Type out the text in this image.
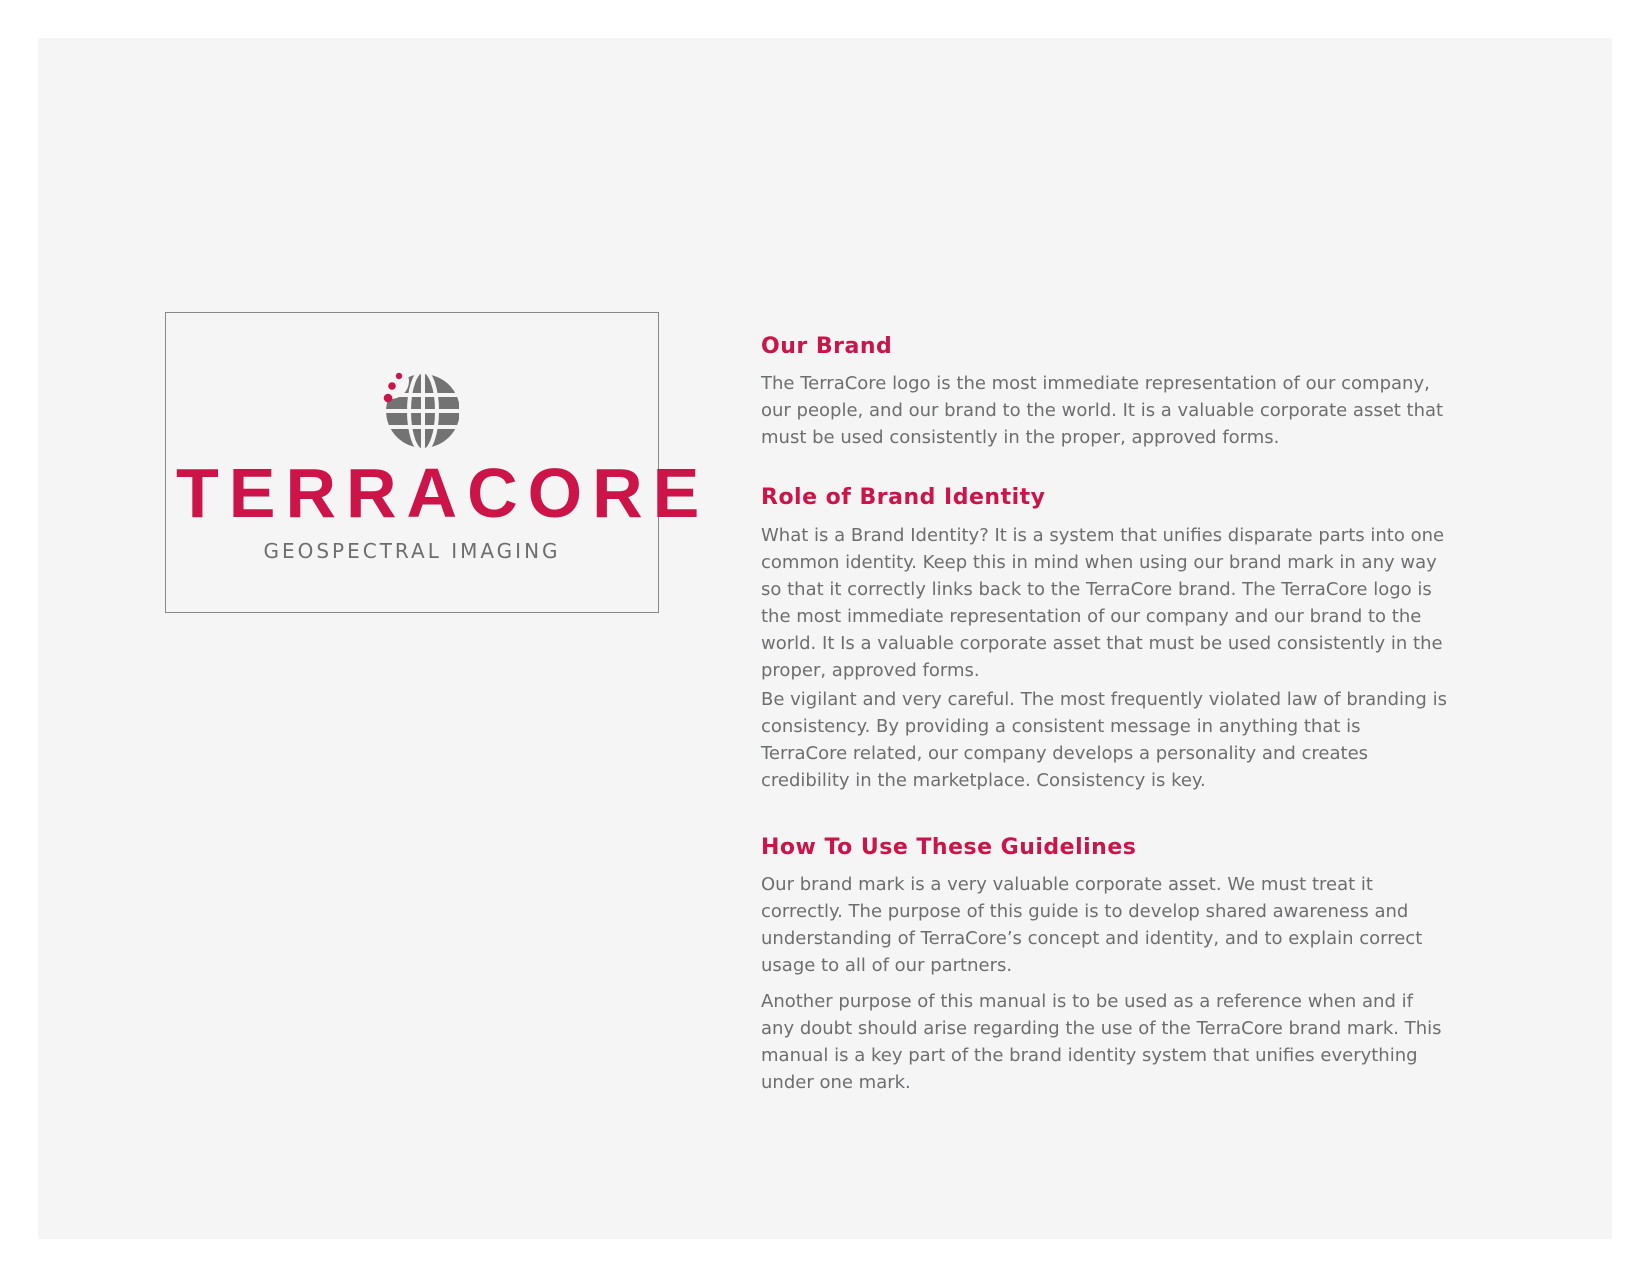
TERRACORE
GEOSPECTRAL IMAGING
Our Brand

The TerraCore logo is the most immediate representation of our company, our people, and our brand to the world. It is a valuable corporate asset that must be used consistently in the proper, approved forms.

Role of Brand Identity

What is a Brand Identity? It is a system that unifies disparate parts into one common identity. Keep this in mind when using our brand mark in any way so that it correctly links back to the TerraCore brand. The TerraCore logo is the most immediate representation of our company and our brand to the world. It Is a valuable corporate asset that must be used consistently in the proper, approved forms.

Be vigilant and very careful. The most frequently violated law of branding is consistency. By providing a consistent message in anything that is TerraCore related, our company develops a personality and creates credibility in the marketplace. Consistency is key.

How To Use These Guidelines

Our brand mark is a very valuable corporate asset. We must treat it correctly. The purpose of this guide is to develop shared awareness and understanding of TerraCore’s concept and identity, and to explain correct usage to all of our partners.

Another purpose of this manual is to be used as a reference when and if any doubt should arise regarding the use of the TerraCore brand mark. This manual is a key part of the brand identity system that unifies everything under one mark.
